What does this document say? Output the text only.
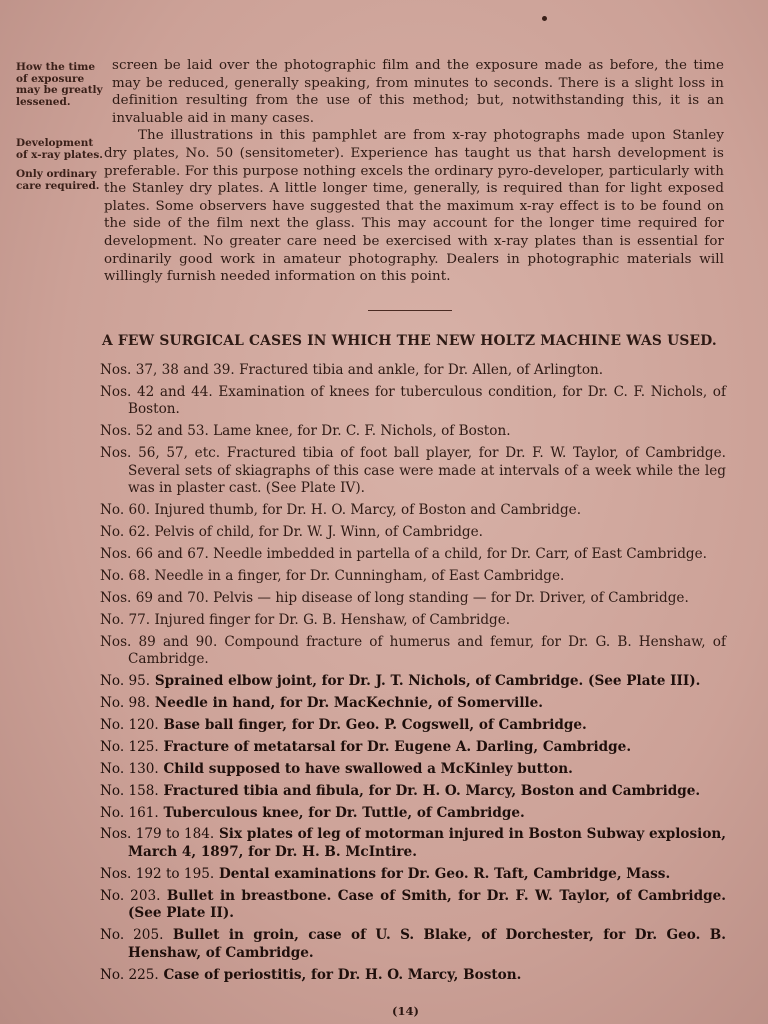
How the time of exposure may be greatly lessened.
Development of x-ray plates.
Only ordinary care required.

screen be laid over the photographic film and the exposure made as before, the time may be reduced, generally speaking, from minutes to seconds. There is a slight loss in definition resulting from the use of this method; but, notwithstanding this, it is an invaluable aid in many cases.

The illustrations in this pamphlet are from x-ray photographs made upon Stanley dry plates, No. 50 (sensitometer). Experience has taught us that harsh development is preferable. For this purpose nothing excels the ordinary pyro-developer, particularly with the Stanley dry plates. A little longer time, generally, is required than for light exposed plates. Some observers have suggested that the maximum x-ray effect is to be found on the side of the film next the glass. This may account for the longer time required for development. No greater care need be exercised with x-ray plates than is essential for ordinarily good work in amateur photography. Dealers in photographic materials will willingly furnish needed information on this point.

A FEW SURGICAL CASES IN WHICH THE NEW HOLTZ MACHINE WAS USED.

Nos. 37, 38 and 39. Fractured tibia and ankle, for Dr. Allen, of Arlington.

Nos. 42 and 44. Examination of knees for tuberculous condition, for Dr. C. F. Nichols, of Boston.

Nos. 52 and 53. Lame knee, for Dr. C. F. Nichols, of Boston.

Nos. 56, 57, etc. Fractured tibia of foot ball player, for Dr. F. W. Taylor, of Cambridge. Several sets of skiagraphs of this case were made at intervals of a week while the leg was in plaster cast. (See Plate IV).

No. 60. Injured thumb, for Dr. H. O. Marcy, of Boston and Cambridge.

No. 62. Pelvis of child, for Dr. W. J. Winn, of Cambridge.

Nos. 66 and 67. Needle imbedded in partella of a child, for Dr. Carr, of East Cambridge.

No. 68. Needle in a finger, for Dr. Cunningham, of East Cambridge.

Nos. 69 and 70. Pelvis — hip disease of long standing — for Dr. Driver, of Cambridge.

No. 77. Injured finger for Dr. G. B. Henshaw, of Cambridge.

Nos. 89 and 90. Compound fracture of humerus and femur, for Dr. G. B. Henshaw, of Cambridge.

No. 95. Sprained elbow joint, for Dr. J. T. Nichols, of Cambridge. (See Plate III).

No. 98. Needle in hand, for Dr. MacKechnie, of Somerville.

No. 120. Base ball finger, for Dr. Geo. P. Cogswell, of Cambridge.

No. 125. Fracture of metatarsal for Dr. Eugene A. Darling, Cambridge.

No. 130. Child supposed to have swallowed a McKinley button.

No. 158. Fractured tibia and fibula, for Dr. H. O. Marcy, Boston and Cambridge.

No. 161. Tuberculous knee, for Dr. Tuttle, of Cambridge.

Nos. 179 to 184. Six plates of leg of motorman injured in Boston Subway explosion, March 4, 1897, for Dr. H. B. McIntire.

Nos. 192 to 195. Dental examinations for Dr. Geo. R. Taft, Cambridge, Mass.

No. 203. Bullet in breastbone. Case of Smith, for Dr. F. W. Taylor, of Cambridge. (See Plate II).

No. 205. Bullet in groin, case of U. S. Blake, of Dorchester, for Dr. Geo. B. Henshaw, of Cambridge.

No. 225. Case of periostitis, for Dr. H. O. Marcy, Boston.

(14)
